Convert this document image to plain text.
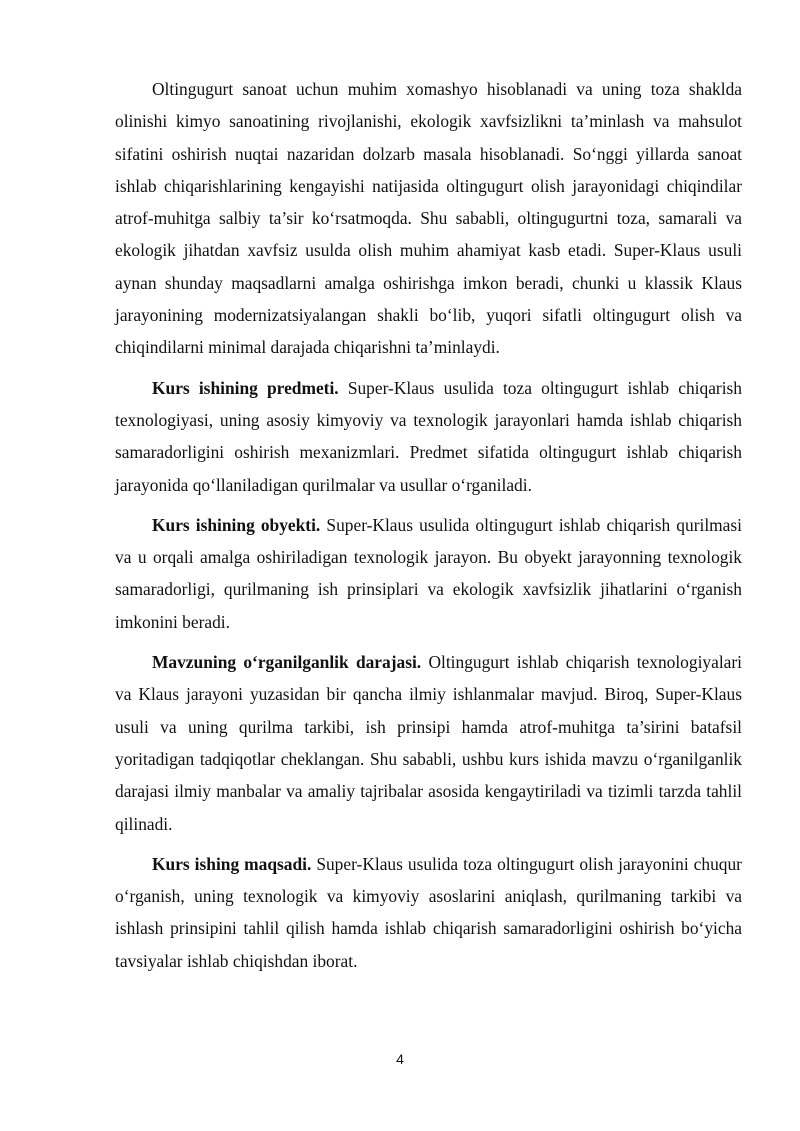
Oltingugurt sanoat uchun muhim xomashyo hisoblanadi va uning toza shaklda olinishi kimyo sanoatining rivojlanishi, ekologik xavfsizlikni ta’minlash va mahsulot sifatini oshirish nuqtai nazaridan dolzarb masala hisoblanadi. So‘nggi yillarda sanoat ishlab chiqarishlarining kengayishi natijasida oltingugurt olish jarayonidagi chiqindilar atrof-muhitga salbiy ta’sir ko‘rsatmoqda. Shu sababli, oltingugurtni toza, samarali va ekologik jihatdan xavfsiz usulda olish muhim ahamiyat kasb etadi. Super-Klaus usuli aynan shunday maqsadlarni amalga oshirishga imkon beradi, chunki u klassik Klaus jarayonining modernizatsiyalangan shakli bo‘lib, yuqori sifatli oltingugurt olish va chiqindilarni minimal darajada chiqarishni ta’minlaydi.

Kurs ishining predmeti. Super-Klaus usulida toza oltingugurt ishlab chiqarish texnologiyasi, uning asosiy kimyoviy va texnologik jarayonlari hamda ishlab chiqarish samaradorligini oshirish mexanizmlari. Predmet sifatida oltingugurt ishlab chiqarish jarayonida qo‘llaniladigan qurilmalar va usullar o‘rganiladi.

Kurs ishining obyekti. Super-Klaus usulida oltingugurt ishlab chiqarish qurilmasi va u orqali amalga oshiriladigan texnologik jarayon. Bu obyekt jarayonning texnologik samaradorligi, qurilmaning ish prinsiplari va ekologik xavfsizlik jihatlarini o‘rganish imkonini beradi.

Mavzuning o‘rganilganlik darajasi. Oltingugurt ishlab chiqarish texnologiyalari va Klaus jarayoni yuzasidan bir qancha ilmiy ishlanmalar mavjud. Biroq, Super-Klaus usuli va uning qurilma tarkibi, ish prinsipi hamda atrof-muhitga ta’sirini batafsil yoritadigan tadqiqotlar cheklangan. Shu sababli, ushbu kurs ishida mavzu o‘rganilganlik darajasi ilmiy manbalar va amaliy tajribalar asosida kengaytiriladi va tizimli tarzda tahlil qilinadi.

Kurs ishing maqsadi. Super-Klaus usulida toza oltingugurt olish jarayonini chuqur o‘rganish, uning texnologik va kimyoviy asoslarini aniqlash, qurilmaning tarkibi va ishlash prinsipini tahlil qilish hamda ishlab chiqarish samaradorligini oshirish bo‘yicha tavsiyalar ishlab chiqishdan iborat.

4
